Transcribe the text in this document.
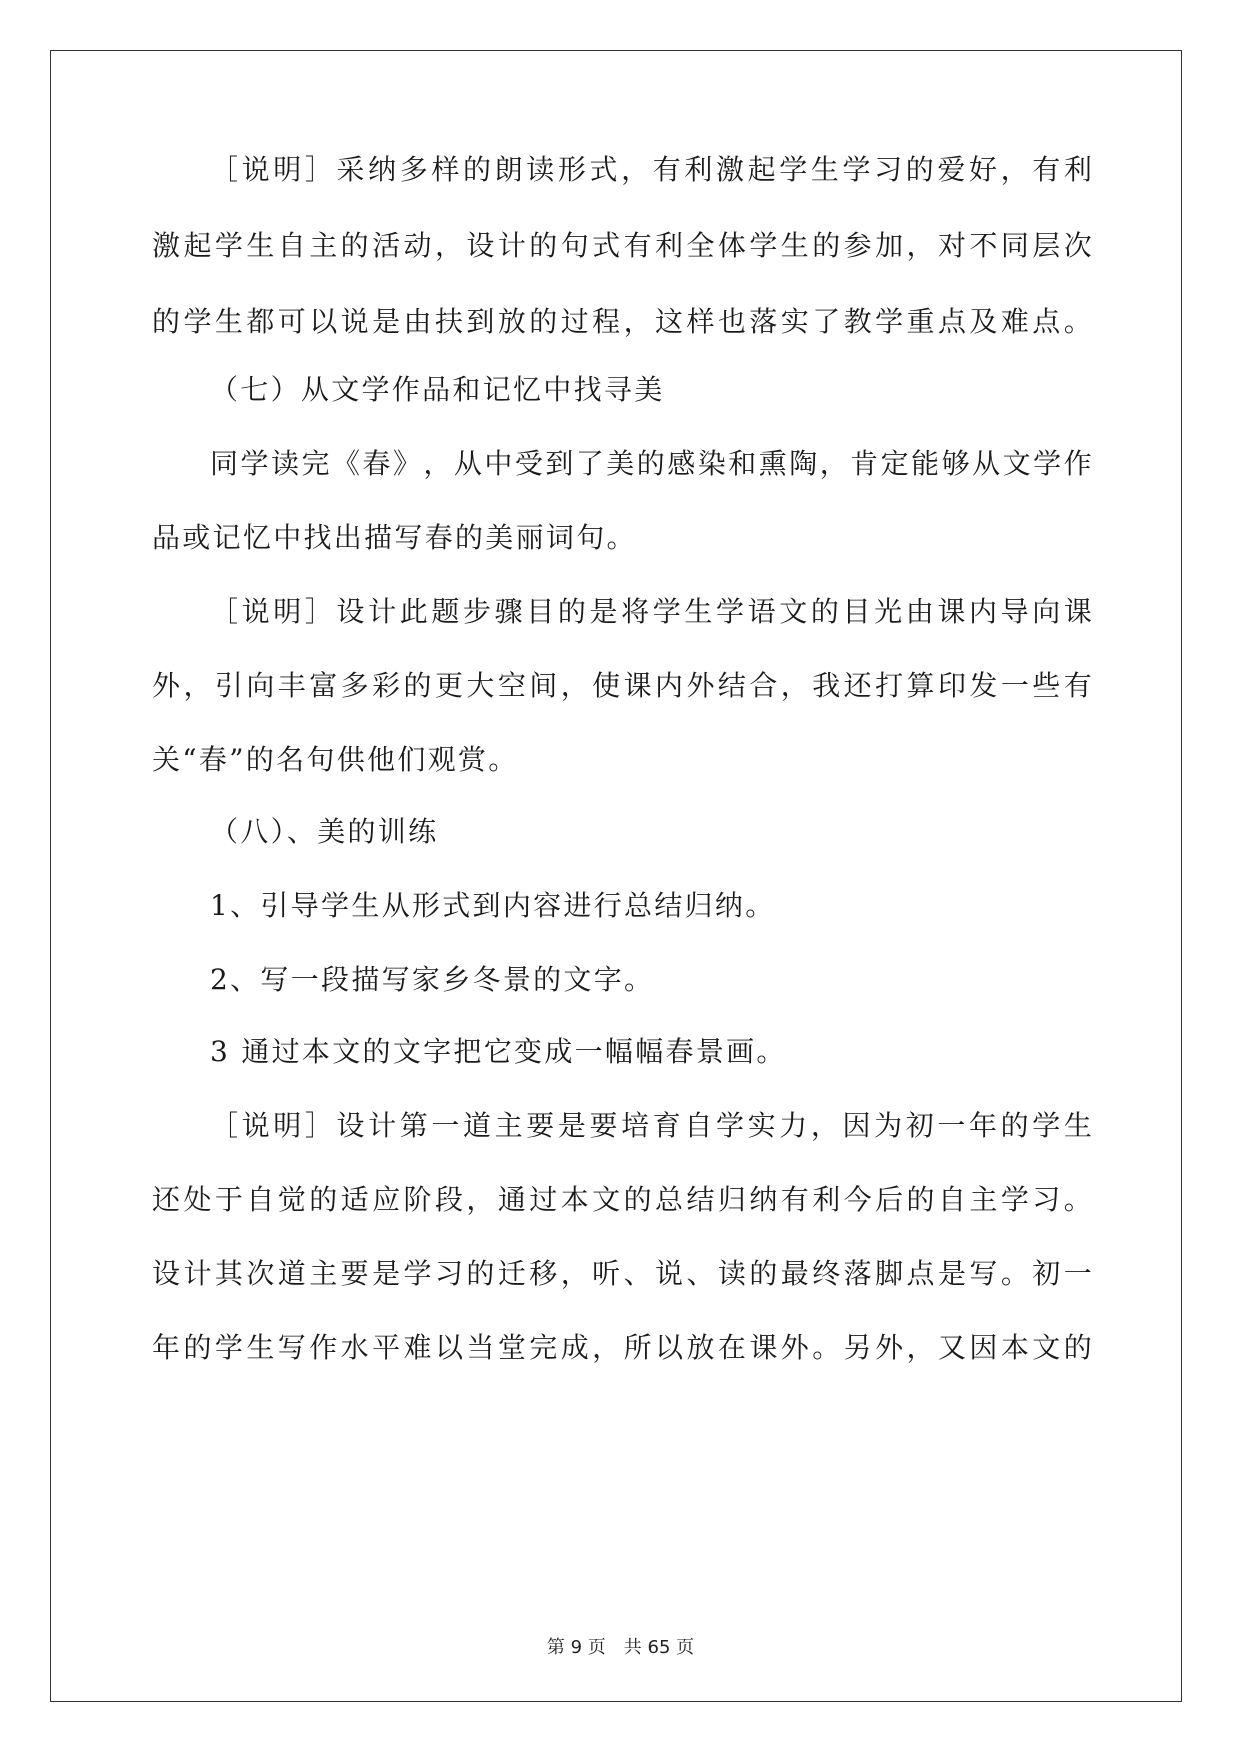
［ 说 明 ］ 采 纳 多 样 的 朗 读 形 式 ， 有 利 激 起 学 生 学 习 的 爱 好 ， 有 利
激 起 学 生 自 主 的 活 动 ， 设 计 的 句 式 有 利 全 体 学 生 的 参 加 ， 对 不 同 层 次
的 学 生 都 可 以 说 是 由 扶 到 放 的 过 程 ， 这 样 也 落 实 了 教 学 重 点 及 难 点 。
（七）从文学作品和记忆中找寻美
同 学 读 完 《 春 》 ， 从 中 受 到 了 美 的 感 染 和 熏 陶 ， 肯 定 能 够 从 文 学 作
品或记忆中找出描写春的美丽词句。
［ 说 明 ］ 设 计 此 题 步 骤 目 的 是 将 学 生 学 语 文 的 目 光 由 课 内 导 向 课
外 ， 引 向 丰 富 多 彩 的 更 大 空 间 ， 使 课 内 外 结 合 ， 我 还 打 算 印 发 一 些 有
关“春”的名句供他们观赏。
（八）、美的训练
1、引导学生从形式到内容进行总结归纳。
2、写一段描写家乡冬景的文字。
3 通过本文的文字把它变成一幅幅春景画。
［ 说 明 ］ 设 计 第 一 道 主 要 是 要 培 育 自 学 实 力 ， 因 为 初 一 年 的 学 生
还 处 于 自 觉 的 适 应 阶 段 ， 通 过 本 文 的 总 结 归 纳 有 利 今 后 的 自 主 学 习 。
设 计 其 次 道 主 要 是 学 习 的 迁 移 ， 听 、 说 、 读 的 最 终 落 脚 点 是 写 。 初 一
年 的 学 生 写 作 水 平 难 以 当 堂 完 成 ， 所 以 放 在 课 外 。 另 外 ， 又 因 本 文 的
第 9 页　共 65 页
